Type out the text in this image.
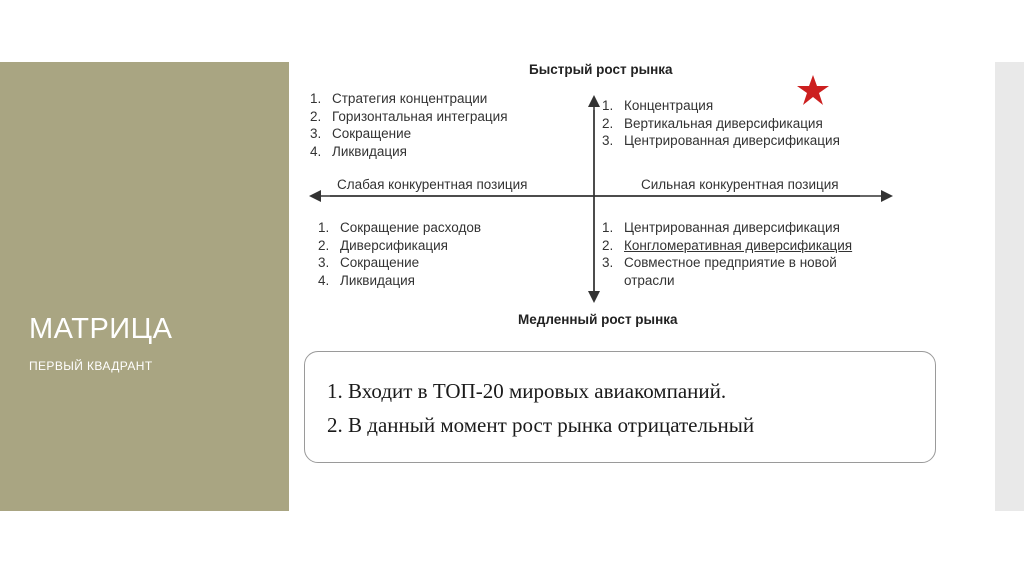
МАТРИЦА
ПЕРВЫЙ КВАДРАНТ
Быстрый рост рынка
Медленный рост рынка
Слабая конкурентная позиция	Сильная конкурентная позиция
1. Стратегия концентрации
2. Горизонтальная интеграция
3. Сокращение
4. Ликвидация
1. Концентрация
2. Вертикальная диверсификация
3. Центрированная диверсификация
1. Сокращение расходов
2. Диверсификация
3. Сокращение
4. Ликвидация
1. Центрированная диверсификация
2. Конгломеративная диверсификация
3. Совместное предприятие в новой
отрасли

1. Входит в ТОП-20 мировых авиакомпаний.

2. В данный момент рост рынка отрицательный
